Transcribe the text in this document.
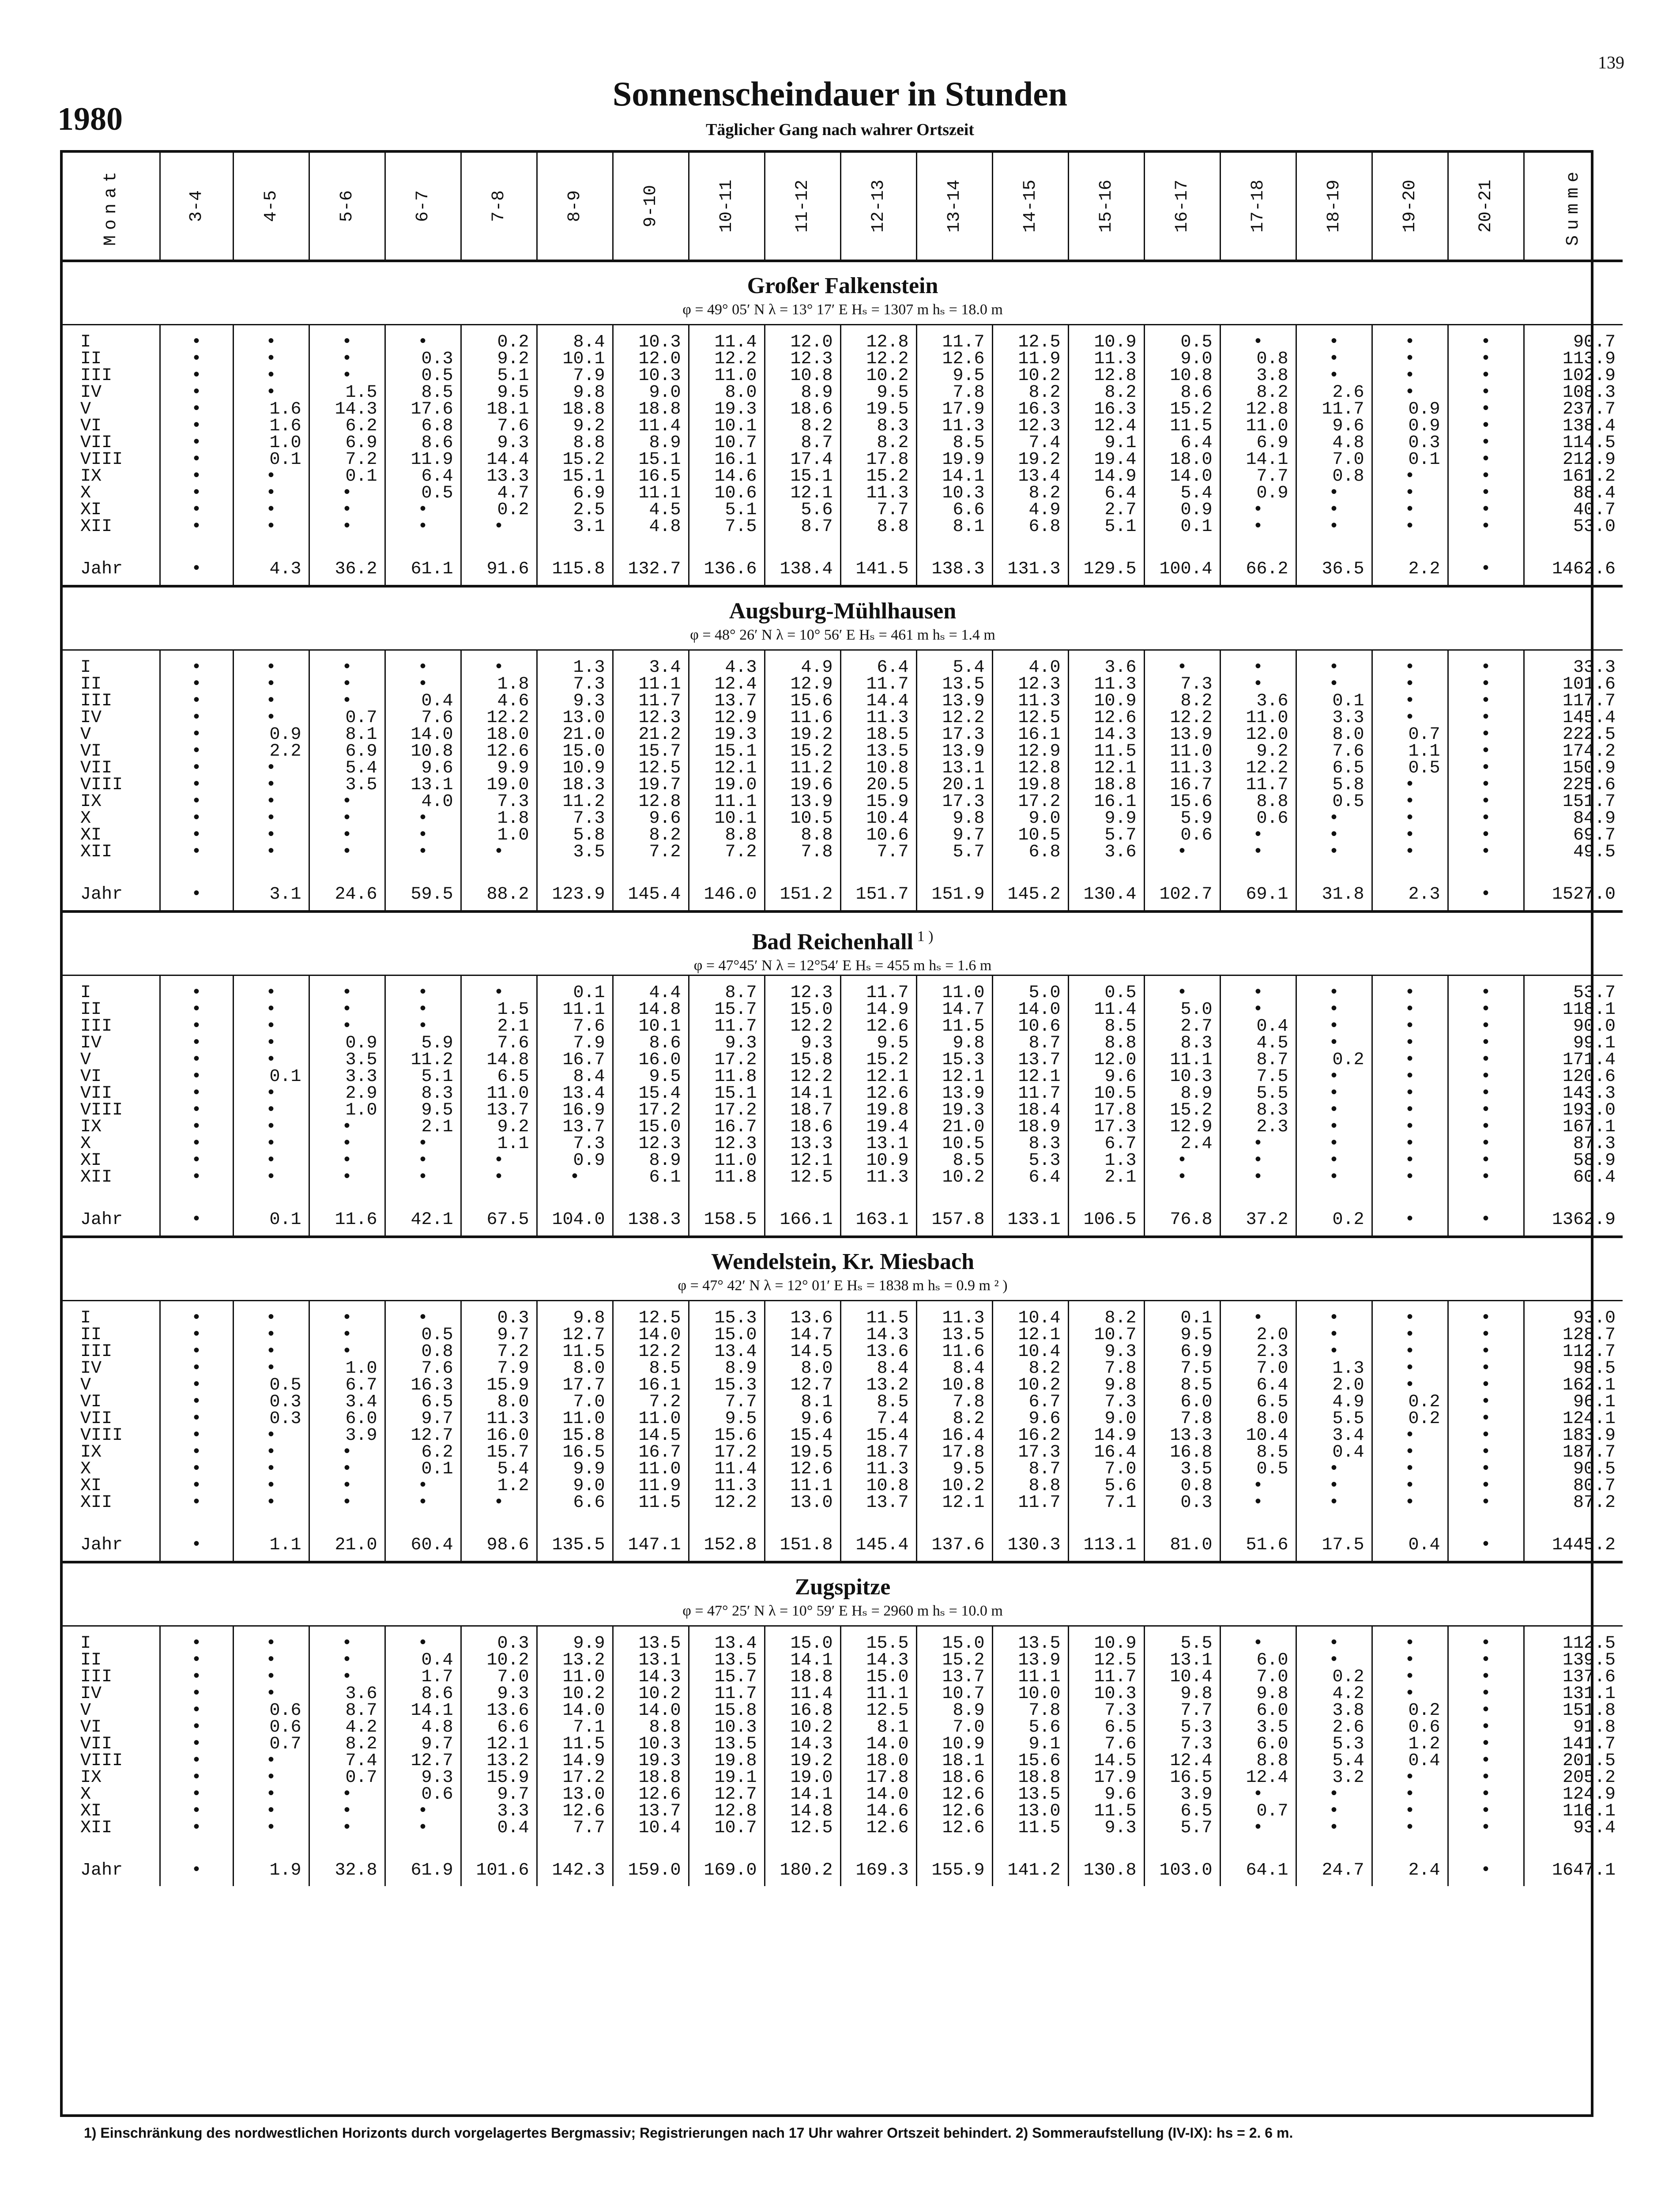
139
1980
Sonnenscheindauer in Stunden
Täglicher Gang nach wahrer Ortszeit
Monat	3-4	4-5	5-6	6-7	7-8	8-9	9-10	10-11	11-12	12-13	13-14	14-15	15-16	16-17	17-18	18-19	19-20	20-21	Summe

Großer Falkenstein
φ = 49° 05′ N λ = 13° 17′ E Hₛ = 1307 m hₛ = 18.0 m																			

I	•	•	•	•	0.2	8.4	10.3	11.4	12.0	12.8	11.7	12.5	10.9	0.5	•	•	•	•	90.7
II	•	•	•	0.3	9.2	10.1	12.0	12.2	12.3	12.2	12.6	11.9	11.3	9.0	0.8	•	•	•	113.9
III	•	•	•	0.5	5.1	7.9	10.3	11.0	10.8	10.2	9.5	10.2	12.8	10.8	3.8	•	•	•	102.9
IV	•	•	1.5	8.5	9.5	9.8	9.0	8.0	8.9	9.5	7.8	8.2	8.2	8.6	8.2	2.6	•	•	108.3
V	•	1.6	14.3	17.6	18.1	18.8	18.8	19.3	18.6	19.5	17.9	16.3	16.3	15.2	12.8	11.7	0.9	•	237.7
VI	•	1.6	6.2	6.8	7.6	9.2	11.4	10.1	8.2	8.3	11.3	12.3	12.4	11.5	11.0	9.6	0.9	•	138.4
VII	•	1.0	6.9	8.6	9.3	8.8	8.9	10.7	8.7	8.2	8.5	7.4	9.1	6.4	6.9	4.8	0.3	•	114.5
VIII	•	0.1	7.2	11.9	14.4	15.2	15.1	16.1	17.4	17.8	19.9	19.2	19.4	18.0	14.1	7.0	0.1	•	212.9
IX	•	•	0.1	6.4	13.3	15.1	16.5	14.6	15.1	15.2	14.1	13.4	14.9	14.0	7.7	0.8	•	•	161.2
X	•	•	•	0.5	4.7	6.9	11.1	10.6	12.1	11.3	10.3	8.2	6.4	5.4	0.9	•	•	•	88.4
XI	•	•	•	•	0.2	2.5	4.5	5.1	5.6	7.7	6.6	4.9	2.7	0.9	•	•	•	•	40.7
XII	•	•	•	•	•	3.1	4.8	7.5	8.7	8.8	8.1	6.8	5.1	0.1	•	•	•	•	53.0
Jahr	•	4.3	36.2	61.1	91.6	115.8	132.7	136.6	138.4	141.5	138.3	131.3	129.5	100.4	66.2	36.5	2.2	•	1462.6

Augsburg-Mühlhausen
φ = 48° 26′ N λ = 10° 56′ E Hₛ = 461 m hₛ = 1.4 m																			

I	•	•	•	•	•	1.3	3.4	4.3	4.9	6.4	5.4	4.0	3.6	•	•	•	•	•	33.3
II	•	•	•	•	1.8	7.3	11.1	12.4	12.9	11.7	13.5	12.3	11.3	7.3	•	•	•	•	101.6
III	•	•	•	0.4	4.6	9.3	11.7	13.7	15.6	14.4	13.9	11.3	10.9	8.2	3.6	0.1	•	•	117.7
IV	•	•	0.7	7.6	12.2	13.0	12.3	12.9	11.6	11.3	12.2	12.5	12.6	12.2	11.0	3.3	•	•	145.4
V	•	0.9	8.1	14.0	18.0	21.0	21.2	19.3	19.2	18.5	17.3	16.1	14.3	13.9	12.0	8.0	0.7	•	222.5
VI	•	2.2	6.9	10.8	12.6	15.0	15.7	15.1	15.2	13.5	13.9	12.9	11.5	11.0	9.2	7.6	1.1	•	174.2
VII	•	•	5.4	9.6	9.9	10.9	12.5	12.1	11.2	10.8	13.1	12.8	12.1	11.3	12.2	6.5	0.5	•	150.9
VIII	•	•	3.5	13.1	19.0	18.3	19.7	19.0	19.6	20.5	20.1	19.8	18.8	16.7	11.7	5.8	•	•	225.6
IX	•	•	•	4.0	7.3	11.2	12.8	11.1	13.9	15.9	17.3	17.2	16.1	15.6	8.8	0.5	•	•	151.7
X	•	•	•	•	1.8	7.3	9.6	10.1	10.5	10.4	9.8	9.0	9.9	5.9	0.6	•	•	•	84.9
XI	•	•	•	•	1.0	5.8	8.2	8.8	8.8	10.6	9.7	10.5	5.7	0.6	•	•	•	•	69.7
XII	•	•	•	•	•	3.5	7.2	7.2	7.8	7.7	5.7	6.8	3.6	•	•	•	•	•	49.5
Jahr	•	3.1	24.6	59.5	88.2	123.9	145.4	146.0	151.2	151.7	151.9	145.2	130.4	102.7	69.1	31.8	2.3	•	1527.0

Bad Reichenhall $^{1 )}$
φ = 47°45′ N λ = 12°54′ E Hₛ = 455 m hₛ = 1.6 m																			

I	•	•	•	•	•	0.1	4.4	8.7	12.3	11.7	11.0	5.0	0.5	•	•	•	•	•	53.7
II	•	•	•	•	1.5	11.1	14.8	15.7	15.0	14.9	14.7	14.0	11.4	5.0	•	•	•	•	118.1
III	•	•	•	•	2.1	7.6	10.1	11.7	12.2	12.6	11.5	10.6	8.5	2.7	0.4	•	•	•	90.0
IV	•	•	0.9	5.9	7.6	7.9	8.6	9.3	9.3	9.5	9.8	8.7	8.8	8.3	4.5	•	•	•	99.1
V	•	•	3.5	11.2	14.8	16.7	16.0	17.2	15.8	15.2	15.3	13.7	12.0	11.1	8.7	0.2	•	•	171.4
VI	•	0.1	3.3	5.1	6.5	8.4	9.5	11.8	12.2	12.1	12.1	12.1	9.6	10.3	7.5	•	•	•	120.6
VII	•	•	2.9	8.3	11.0	13.4	15.4	15.1	14.1	12.6	13.9	11.7	10.5	8.9	5.5	•	•	•	143.3
VIII	•	•	1.0	9.5	13.7	16.9	17.2	17.2	18.7	19.8	19.3	18.4	17.8	15.2	8.3	•	•	•	193.0
IX	•	•	•	2.1	9.2	13.7	15.0	16.7	18.6	19.4	21.0	18.9	17.3	12.9	2.3	•	•	•	167.1
X	•	•	•	•	1.1	7.3	12.3	12.3	13.3	13.1	10.5	8.3	6.7	2.4	•	•	•	•	87.3
XI	•	•	•	•	•	0.9	8.9	11.0	12.1	10.9	8.5	5.3	1.3	•	•	•	•	•	58.9
XII	•	•	•	•	•	•	6.1	11.8	12.5	11.3	10.2	6.4	2.1	•	•	•	•	•	60.4
Jahr	•	0.1	11.6	42.1	67.5	104.0	138.3	158.5	166.1	163.1	157.8	133.1	106.5	76.8	37.2	0.2	•	•	1362.9

Wendelstein, Kr. Miesbach
φ = 47° 42′ N λ = 12° 01′ E Hₛ = 1838 m hₛ = 0.9 m ² )																			

I	•	•	•	•	0.3	9.8	12.5	15.3	13.6	11.5	11.3	10.4	8.2	0.1	•	•	•	•	93.0
II	•	•	•	0.5	9.7	12.7	14.0	15.0	14.7	14.3	13.5	12.1	10.7	9.5	2.0	•	•	•	128.7
III	•	•	•	0.8	7.2	11.5	12.2	13.4	14.5	13.6	11.6	10.4	9.3	6.9	2.3	•	•	•	112.7
IV	•	•	1.0	7.6	7.9	8.0	8.5	8.9	8.0	8.4	8.4	8.2	7.8	7.5	7.0	1.3	•	•	98.5
V	•	0.5	6.7	16.3	15.9	17.7	16.1	15.3	12.7	13.2	10.8	10.2	9.8	8.5	6.4	2.0	•	•	162.1
VI	•	0.3	3.4	6.5	8.0	7.0	7.2	7.7	8.1	8.5	7.8	6.7	7.3	6.0	6.5	4.9	0.2	•	96.1
VII	•	0.3	6.0	9.7	11.3	11.0	11.0	9.5	9.6	7.4	8.2	9.6	9.0	7.8	8.0	5.5	0.2	•	124.1
VIII	•	•	3.9	12.7	16.0	15.8	14.5	15.6	15.4	15.4	16.4	16.2	14.9	13.3	10.4	3.4	•	•	183.9
IX	•	•	•	6.2	15.7	16.5	16.7	17.2	19.5	18.7	17.8	17.3	16.4	16.8	8.5	0.4	•	•	187.7
X	•	•	•	0.1	5.4	9.9	11.0	11.4	12.6	11.3	9.5	8.7	7.0	3.5	0.5	•	•	•	90.5
XI	•	•	•	•	1.2	9.0	11.9	11.3	11.1	10.8	10.2	8.8	5.6	0.8	•	•	•	•	80.7
XII	•	•	•	•	•	6.6	11.5	12.2	13.0	13.7	12.1	11.7	7.1	0.3	•	•	•	•	87.2
Jahr	•	1.1	21.0	60.4	98.6	135.5	147.1	152.8	151.8	145.4	137.6	130.3	113.1	81.0	51.6	17.5	0.4	•	1445.2

Zugspitze
φ = 47° 25′ N λ = 10° 59′ E Hₛ = 2960 m hₛ = 10.0 m																			

I	•	•	•	•	0.3	9.9	13.5	13.4	15.0	15.5	15.0	13.5	10.9	5.5	•	•	•	•	112.5
II	•	•	•	0.4	10.2	13.2	13.1	13.5	14.1	14.3	15.2	13.9	12.5	13.1	6.0	•	•	•	139.5
III	•	•	•	1.7	7.0	11.0	14.3	15.7	18.8	15.0	13.7	11.1	11.7	10.4	7.0	0.2	•	•	137.6
IV	•	•	3.6	8.6	9.3	10.2	10.2	11.7	11.4	11.1	10.7	10.0	10.3	9.8	9.8	4.2	•	•	131.1
V	•	0.6	8.7	14.1	13.6	14.0	14.0	15.8	16.8	12.5	8.9	7.8	7.3	7.7	6.0	3.8	0.2	•	151.8
VI	•	0.6	4.2	4.8	6.6	7.1	8.8	10.3	10.2	8.1	7.0	5.6	6.5	5.3	3.5	2.6	0.6	•	91.8
VII	•	0.7	8.2	9.7	12.1	11.5	10.3	13.5	14.3	14.0	10.9	9.1	7.6	7.3	6.0	5.3	1.2	•	141.7
VIII	•	•	7.4	12.7	13.2	14.9	19.3	19.8	19.2	18.0	18.1	15.6	14.5	12.4	8.8	5.4	0.4	•	201.5
IX	•	•	0.7	9.3	15.9	17.2	18.8	19.1	19.0	17.8	18.6	18.8	17.9	16.5	12.4	3.2	•	•	205.2
X	•	•	•	0.6	9.7	13.0	12.6	12.7	14.1	14.0	12.6	13.5	9.6	3.9	•	•	•	•	124.9
XI	•	•	•	•	3.3	12.6	13.7	12.8	14.8	14.6	12.6	13.0	11.5	6.5	0.7	•	•	•	116.1
XII	•	•	•	•	0.4	7.7	10.4	10.7	12.5	12.6	12.6	11.5	9.3	5.7	•	•	•	•	93.4
Jahr	•	1.9	32.8	61.9	101.6	142.3	159.0	169.0	180.2	169.3	155.9	141.2	130.8	103.0	64.1	24.7	2.4	•	1647.1
1) Einschränkung des nordwestlichen Horizonts durch vorgelagertes Bergmassiv; Registrierungen nach 17 Uhr wahrer Ortszeit behindert. 2) Sommeraufstellung (IV-IX): hs = 2. 6 m.
